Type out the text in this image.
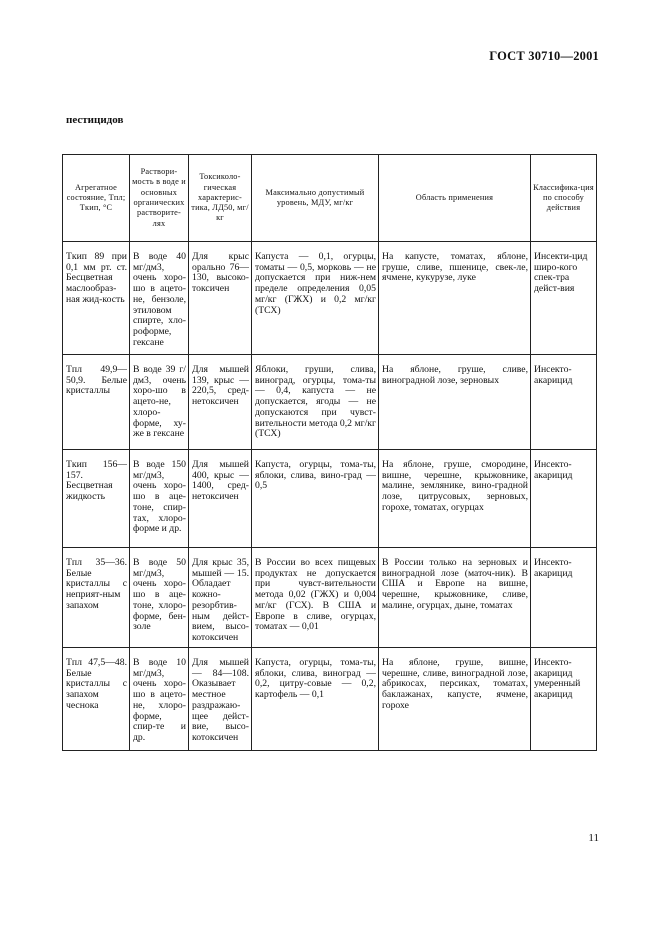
ГОСТ 30710—2001
пестицидов
Агрегатное состояние, Tпл; Tкип, °С	Раствори-мость в воде и основных органических растворите-лях	Токсиколо-гическая характерис-тика, ЛД50, мг/кг	Максимально допустимый уровень, МДУ, мг/кг	Область применения	Классифика-ция по способу действия
Tкип 89 при 0,1 мм рт. ст. Бесцветная маслообраз-ная жид-кость	В воде 40 мг/дм3, очень хоро-шо в ацето-не, бензоле, этиловом спирте, хло-роформе, гексане	Для крыс орально 76—130, высоко-токсичен	Капуста — 0,1, огурцы, томаты — 0,5, морковь — не допускается при ниж-нем пределе определения 0,05 мг/кг (ГЖХ) и 0,2 мг/кг (ТСХ)	На капусте, томатах, яблоне, груше, сливе, пшенице, свек-ле, ячмене, кукурузе, луке	Инсекти-цид широ-кого спек-тра дейст-вия
Tпл 49,9—50,9. Белые кристаллы	В воде 39 г/дм3, очень хоро-шо в ацето-не, хлоро-форме, ху-же в гексане	Для мышей 139, крыс — 220,5, сред-нетоксичен	Яблоки, груши, слива, виноград, огурцы, тома-ты — 0,4, капуста — не допускается, ягоды — не допускаются при чувст-вительности метода 0,2 мг/кг (ТСХ)	На яблоне, груше, сливе, виноградной лозе, зерновых	Инсекто-акарицид
Tкип 156—157. Бесцветная жидкость	В воде 150 мг/дм3, очень хоро-шо в аце-тоне, спир-тах, хлоро-форме и др.	Для мышей 400, крыс — 1400, сред-нетоксичен	Капуста, огурцы, тома-ты, яблоки, слива, вино-град — 0,5	На яблоне, груше, смородине, вишне, черешне, крыжовнике, малине, землянике, вино-градной лозе, цитрусовых, зерновых, горохе, томатах, огурцах	Инсекто-акарицид
Tпл 35—36. Белые кристаллы с неприят-ным запахом	В воде 50 мг/дм3, очень хоро-шо в аце-тоне, хлоро-форме, бен-золе	Для крыс 35, мышей — 15. Обладает кожно-резорбтив-ным дейст-вием, высо-котоксичен	В России во всех пищевых продуктах не допускается при чувст-вительности метода 0,02 (ГЖХ) и 0,004 мг/кг (ГСХ). В США и Европе в сливе, огурцах, томатах — 0,01	В России только на зерновых и виноградной лозе (маточ-ник). В США и Европе на вишне, черешне, крыжовнике, сливе, малине, огурцах, дыне, томатах	Инсекто-акарицид
Tпл 47,5—48. Белые кристаллы с запахом чеснока	В воде 10 мг/дм3, очень хоро-шо в ацето-не, хлоро-форме, спир-те и др.	Для мышей — 84—108. Оказывает местное раздражаю-щее дейст-вие, высо-котоксичен	Капуста, огурцы, тома-ты, яблоки, слива, виноград — 0,2, цитру-совые — 0,2, картофель — 0,1	На яблоне, груше, вишне, черешне, сливе, виноградной лозе, абрикосах, персиках, томатах, баклажанах, капусте, ячмене, горохе	Инсекто-акарицид умеренный акарицид
11
